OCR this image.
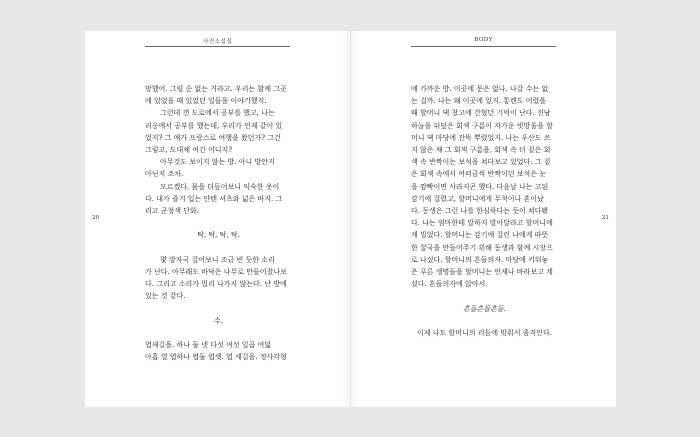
사건소설집
20

망했어. 그럴 순 없는 거라고. 우리는 함께 그곳

에 있었을 때 있었던 일들을 이야기했지.

그런데 갠 도로에서 공부를 했고, 나는

리옹에서 공부를 했는데, 우리가 언제 같이 있

었지? 그 애가 프랑스로 여행을 왔던가? 그건

그렇고, 도대체 여긴 어디지?

아무것도 보이지 않는 방. 아니 방안지

아닌지 조차.

모르겠다. 몸을 더듬어보니 익숙한 옷이

다. 내가 즐겨 입는 얀텐 셔츠와 넓은 바지. 그

리고 군청색 단화.

탁, 탁, 탁, 탁.

몇 발자국 걸어보니 조금 빈 듯한 소리

가 난다. 아무래도 바닥은 나무로 만들어졌나보

다. 그리고 소리가 멀리 나가지 않는다. 난 방에

있는 것 같다.

수.

엽새길을. 하나 둘 넷 다섯 여섯 일곱 여덟

아홉 열 엽하나 엽둘 엽셋. 엽 세길을. 정사각형

BODY
21

에 가까운 방. 이곳에 문은 없나. 나갈 수는 없

는 걸까. 나는 왜 이곳에 있지. 통렌도 어렸을

때 할머니 댁 창고에 간혔던 기억이 난다. 진남

하늘을 뒤덮은 회색 구름이 자가운 빗방울을 할

머니 댁 마당에 잔뜩 뿌렸었지. 나는 우산도 쓰

지 않은 채 그 회색 구름을, 회색 속 더 짙은 회

색 속 반짝이는 보석을 쳐다보고 있었다. 그 짙

은 회색 속에서 어떠금씩 반짝이던 보석은 눈

을 깜빡이면 사라지곤 했다. 다음날 나는 고된

감기에 걸렸고, 할머니에게 무척이나 혼이났

다. 동생은 그런 나를 한심하다는 듯이 쳐다봤

다. 나는 엄마한테 말하지 말아달라고 할머니에

게 빌었다. 할머니는 감기에 걸린 나에게 따뜻

한 꿀국을 만들어주기 위해 동생과 함께 시장으

로 나섰다. 할머니의 흔들의자. 마당에 키워놓

은 푸른 생명들을 할머니는 언제나 바라보고 계

셨다. 흔들의자에 앉아서.

흔들흔들흔들.

이제 나도 할머니의 리듬에 맞춰서 움직인다.
